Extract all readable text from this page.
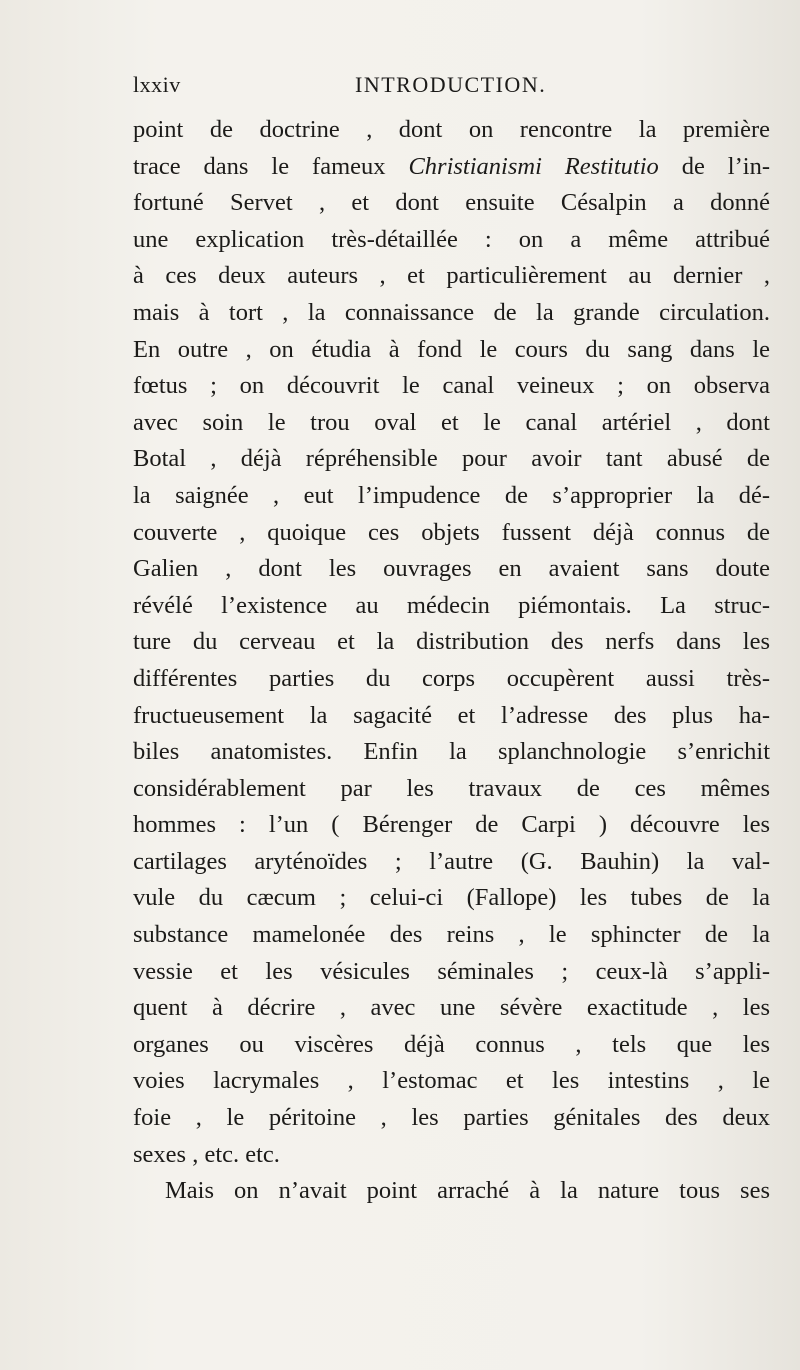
lxxiv	INTRODUCTION.
point de doctrine , dont on rencontre la première
trace dans le fameux Christianismi Restitutio de l’in-
fortuné Servet , et dont ensuite Césalpin a donné
une explication très-détaillée : on a même attribué
à ces deux auteurs , et particulièrement au dernier ,
mais à tort , la connaissance de la grande circulation.
En outre , on étudia à fond le cours du sang dans le
fœtus ; on découvrit le canal veineux ; on observa
avec soin le trou oval et le canal artériel , dont
Botal , déjà répréhensible pour avoir tant abusé de
la saignée , eut l’impudence de s’approprier la dé-
couverte , quoique ces objets fussent déjà connus de
Galien , dont les ouvrages en avaient sans doute
révélé l’existence au médecin piémontais. La struc-
ture du cerveau et la distribution des nerfs dans les
différentes parties du corps occupèrent aussi très-
fructueusement la sagacité et l’adresse des plus ha-
biles anatomistes. Enfin la splanchnologie s’enrichit
considérablement par les travaux de ces mêmes
hommes : l’un ( Bérenger de Carpi ) découvre les
cartilages aryténoïdes ; l’autre (G. Bauhin) la val-
vule du cæcum ; celui-ci (Fallope) les tubes de la
substance mamelonée des reins , le sphincter de la
vessie et les vésicules séminales ; ceux-là s’appli-
quent à décrire , avec une sévère exactitude , les
organes ou viscères déjà connus , tels que les
voies lacrymales , l’estomac et les intestins , le
foie , le péritoine , les parties génitales des deux
sexes , etc. etc.
Mais on n’avait point arraché à la nature tous ses
